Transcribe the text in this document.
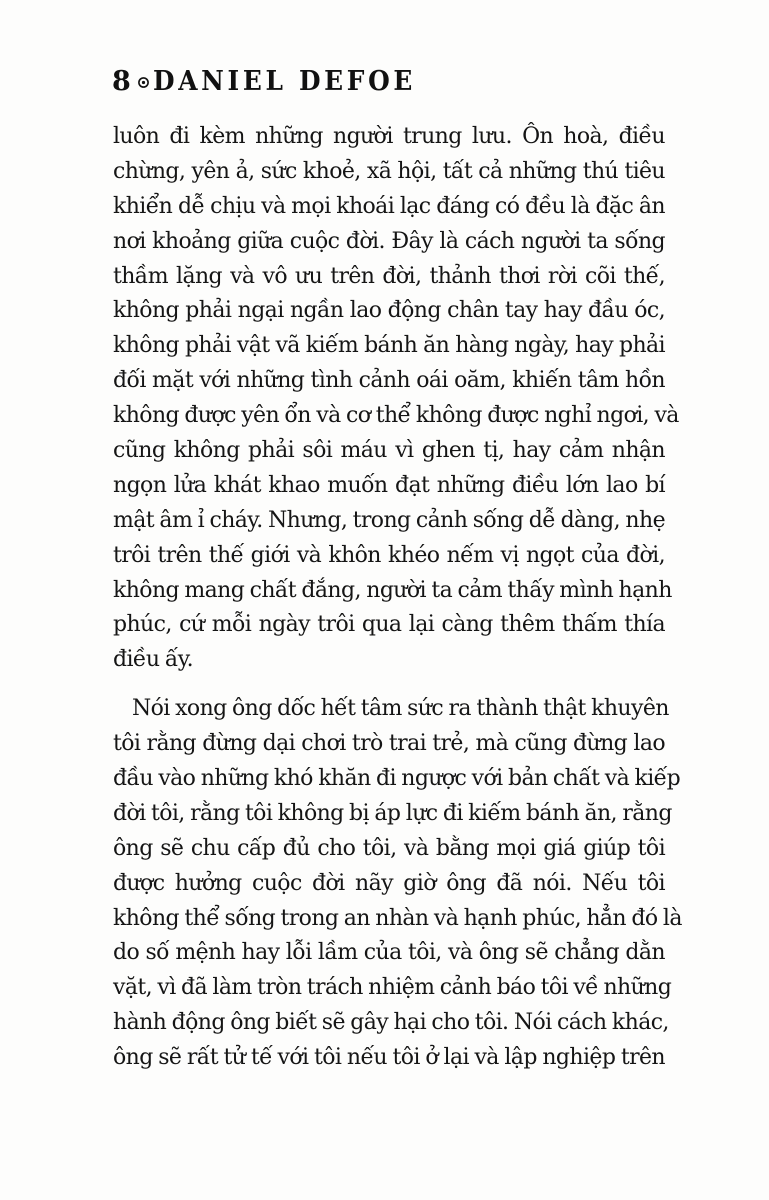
8 DANIEL DEFOE
luôn đi kèm những người trung lưu. Ôn hoà, điều
chừng, yên ả, sức khoẻ, xã hội, tất cả những thú tiêu
khiển dễ chịu và mọi khoái lạc đáng có đều là đặc ân
nơi khoảng giữa cuộc đời. Đây là cách người ta sống
thầm lặng và vô ưu trên đời, thảnh thơi rời cõi thế,
không phải ngại ngần lao động chân tay hay đầu óc,
không phải vật vã kiếm bánh ăn hàng ngày, hay phải
đối mặt với những tình cảnh oái oăm, khiến tâm hồn
không được yên ổn và cơ thể không được nghỉ ngơi, và
cũng không phải sôi máu vì ghen tị, hay cảm nhận
ngọn lửa khát khao muốn đạt những điều lớn lao bí
mật âm ỉ cháy. Nhưng, trong cảnh sống dễ dàng, nhẹ
trôi trên thế giới và khôn khéo nếm vị ngọt của đời,
không mang chất đắng, người ta cảm thấy mình hạnh
phúc, cứ mỗi ngày trôi qua lại càng thêm thấm thía
điều ấy.
Nói xong ông dốc hết tâm sức ra thành thật khuyên
tôi rằng đừng dại chơi trò trai trẻ, mà cũng đừng lao
đầu vào những khó khăn đi ngược với bản chất và kiếp
đời tôi, rằng tôi không bị áp lực đi kiếm bánh ăn, rằng
ông sẽ chu cấp đủ cho tôi, và bằng mọi giá giúp tôi
được hưởng cuộc đời nãy giờ ông đã nói. Nếu tôi
không thể sống trong an nhàn và hạnh phúc, hẳn đó là
do số mệnh hay lỗi lầm của tôi, và ông sẽ chẳng dằn
vặt, vì đã làm tròn trách nhiệm cảnh báo tôi về những
hành động ông biết sẽ gây hại cho tôi. Nói cách khác,
ông sẽ rất tử tế với tôi nếu tôi ở lại và lập nghiệp trên
